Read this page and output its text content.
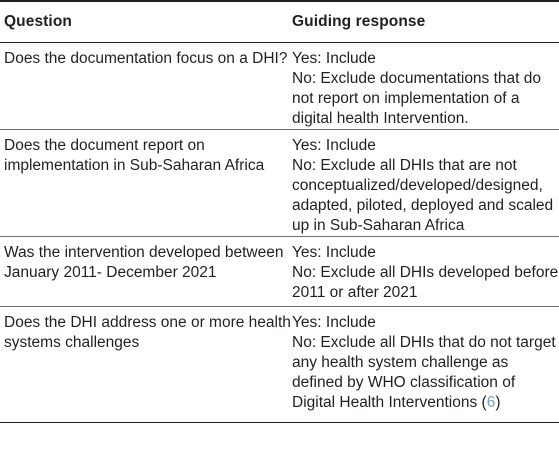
Question	Guiding response
Does the documentation focus on a DHI?	Yes: Include
No: Exclude documentations that do not report on implementation of a digital health Intervention.

Does the document report on implementation in Sub-Saharan Africa	Yes: Include
No: Exclude all DHIs that are not conceptualized/developed/designed, adapted, piloted, deployed and scaled up in Sub-Saharan Africa

Was the intervention developed between January 2011- December 2021	Yes: Include
No: Exclude all DHIs developed before 2011 or after 2021

Does the DHI address one or more health systems challenges	Yes: Include
No: Exclude all DHIs that do not target any health system challenge as defined by WHO classification of Digital Health Interventions (6)
